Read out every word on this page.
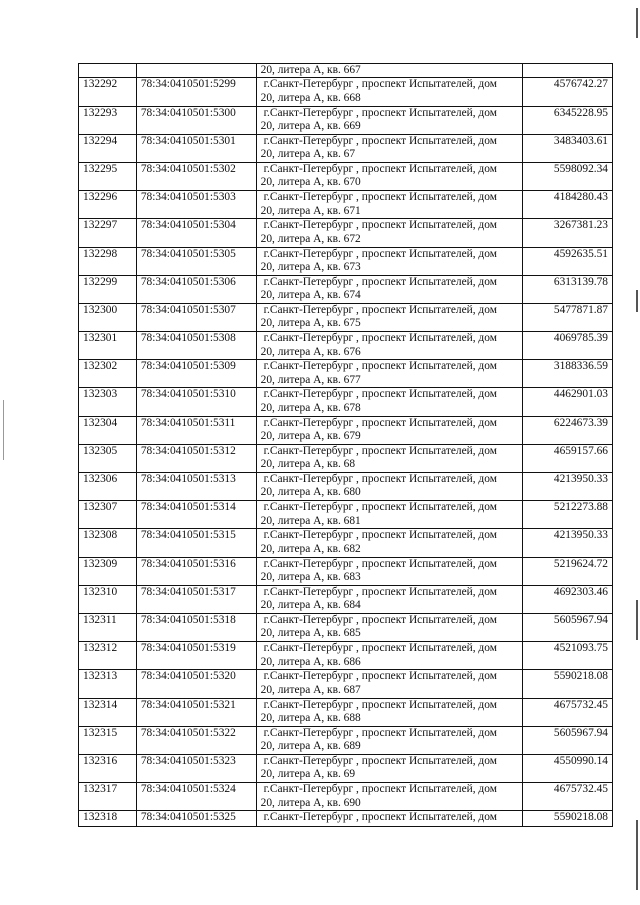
		20, литера А, кв. 667	

132292	78:34:0410501:5299	г.Санкт-Петербург , проспект Испытателей, дом
20, литера А, кв. 668	4576742.27
132293	78:34:0410501:5300	г.Санкт-Петербург , проспект Испытателей, дом
20, литера А, кв. 669	6345228.95
132294	78:34:0410501:5301	г.Санкт-Петербург , проспект Испытателей, дом
20, литера А, кв. 67	3483403.61
132295	78:34:0410501:5302	г.Санкт-Петербург , проспект Испытателей, дом
20, литера А, кв. 670	5598092.34
132296	78:34:0410501:5303	г.Санкт-Петербург , проспект Испытателей, дом
20, литера А, кв. 671	4184280.43
132297	78:34:0410501:5304	г.Санкт-Петербург , проспект Испытателей, дом
20, литера А, кв. 672	3267381.23
132298	78:34:0410501:5305	г.Санкт-Петербург , проспект Испытателей, дом
20, литера А, кв. 673	4592635.51
132299	78:34:0410501:5306	г.Санкт-Петербург , проспект Испытателей, дом
20, литера А, кв. 674	6313139.78
132300	78:34:0410501:5307	г.Санкт-Петербург , проспект Испытателей, дом
20, литера А, кв. 675	5477871.87
132301	78:34:0410501:5308	г.Санкт-Петербург , проспект Испытателей, дом
20, литера А, кв. 676	4069785.39
132302	78:34:0410501:5309	г.Санкт-Петербург , проспект Испытателей, дом
20, литера А, кв. 677	3188336.59
132303	78:34:0410501:5310	г.Санкт-Петербург , проспект Испытателей, дом
20, литера А, кв. 678	4462901.03
132304	78:34:0410501:5311	г.Санкт-Петербург , проспект Испытателей, дом
20, литера А, кв. 679	6224673.39
132305	78:34:0410501:5312	г.Санкт-Петербург , проспект Испытателей, дом
20, литера А, кв. 68	4659157.66
132306	78:34:0410501:5313	г.Санкт-Петербург , проспект Испытателей, дом
20, литера А, кв. 680	4213950.33
132307	78:34:0410501:5314	г.Санкт-Петербург , проспект Испытателей, дом
20, литера А, кв. 681	5212273.88
132308	78:34:0410501:5315	г.Санкт-Петербург , проспект Испытателей, дом
20, литера А, кв. 682	4213950.33
132309	78:34:0410501:5316	г.Санкт-Петербург , проспект Испытателей, дом
20, литера А, кв. 683	5219624.72
132310	78:34:0410501:5317	г.Санкт-Петербург , проспект Испытателей, дом
20, литера А, кв. 684	4692303.46
132311	78:34:0410501:5318	г.Санкт-Петербург , проспект Испытателей, дом
20, литера А, кв. 685	5605967.94
132312	78:34:0410501:5319	г.Санкт-Петербург , проспект Испытателей, дом
20, литера А, кв. 686	4521093.75
132313	78:34:0410501:5320	г.Санкт-Петербург , проспект Испытателей, дом
20, литера А, кв. 687	5590218.08
132314	78:34:0410501:5321	г.Санкт-Петербург , проспект Испытателей, дом
20, литера А, кв. 688	4675732.45
132315	78:34:0410501:5322	г.Санкт-Петербург , проспект Испытателей, дом
20, литера А, кв. 689	5605967.94
132316	78:34:0410501:5323	г.Санкт-Петербург , проспект Испытателей, дом
20, литера А, кв. 69	4550990.14
132317	78:34:0410501:5324	г.Санкт-Петербург , проспект Испытателей, дом
20, литера А, кв. 690	4675732.45
132318	78:34:0410501:5325	г.Санкт-Петербург , проспект Испытателей, дом	5590218.08
